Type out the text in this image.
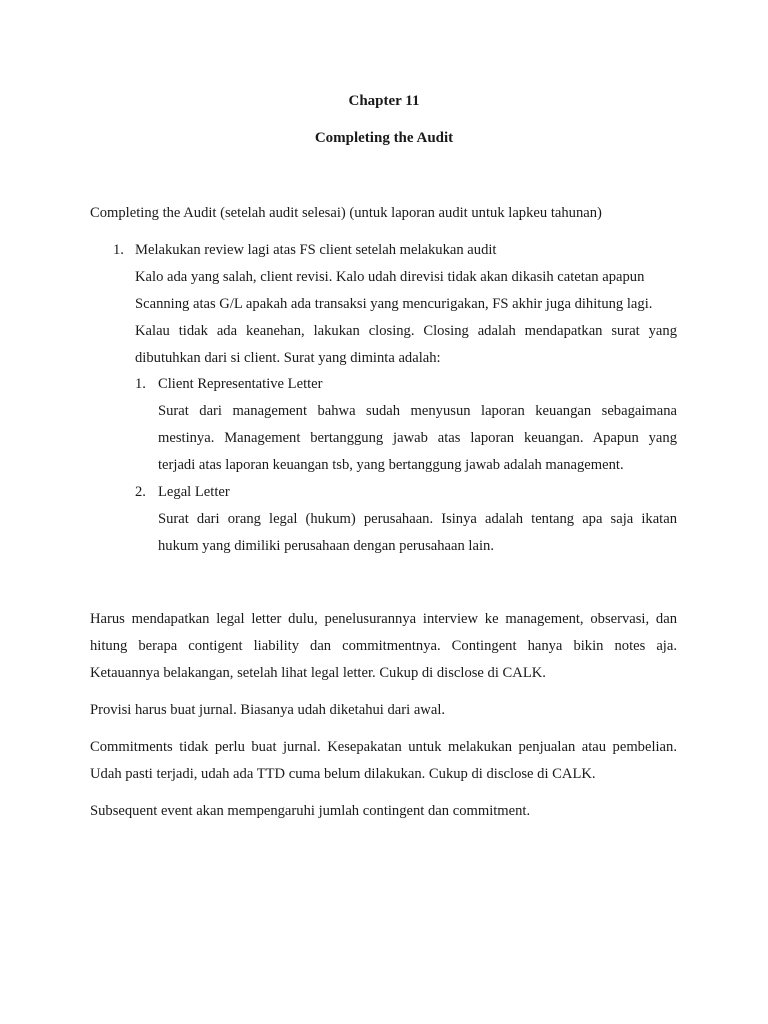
Chapter 11
Completing the Audit
Completing the Audit (setelah audit selesai) (untuk laporan audit untuk lapkeu tahunan)
1. Melakukan review lagi atas FS client setelah melakukan audit
Kalo ada yang salah, client revisi. Kalo udah direvisi tidak akan dikasih catetan apapun
Scanning atas G/L apakah ada transaksi yang mencurigakan, FS akhir juga dihitung lagi.
Kalau tidak ada keanehan, lakukan closing. Closing adalah mendapatkan surat yang
dibutuhkan dari si client. Surat yang diminta adalah:
1. Client Representative Letter
Surat dari management bahwa sudah menyusun laporan keuangan sebagaimana
mestinya. Management bertanggung jawab atas laporan keuangan. Apapun yang
terjadi atas laporan keuangan tsb, yang bertanggung jawab adalah management.
2. Legal Letter
Surat dari orang legal (hukum) perusahaan. Isinya adalah tentang apa saja ikatan
hukum yang dimiliki perusahaan dengan perusahaan lain.
Harus mendapatkan legal letter dulu, penelusurannya interview ke management, observasi, dan
hitung berapa contigent liability dan commitmentnya. Contingent hanya bikin notes aja.
Ketauannya belakangan, setelah lihat legal letter. Cukup di disclose di CALK.
Provisi harus buat jurnal. Biasanya udah diketahui dari awal.
Commitments tidak perlu buat jurnal. Kesepakatan untuk melakukan penjualan atau pembelian.
Udah pasti terjadi, udah ada TTD cuma belum dilakukan. Cukup di disclose di CALK.
Subsequent event akan mempengaruhi jumlah contingent dan commitment.
